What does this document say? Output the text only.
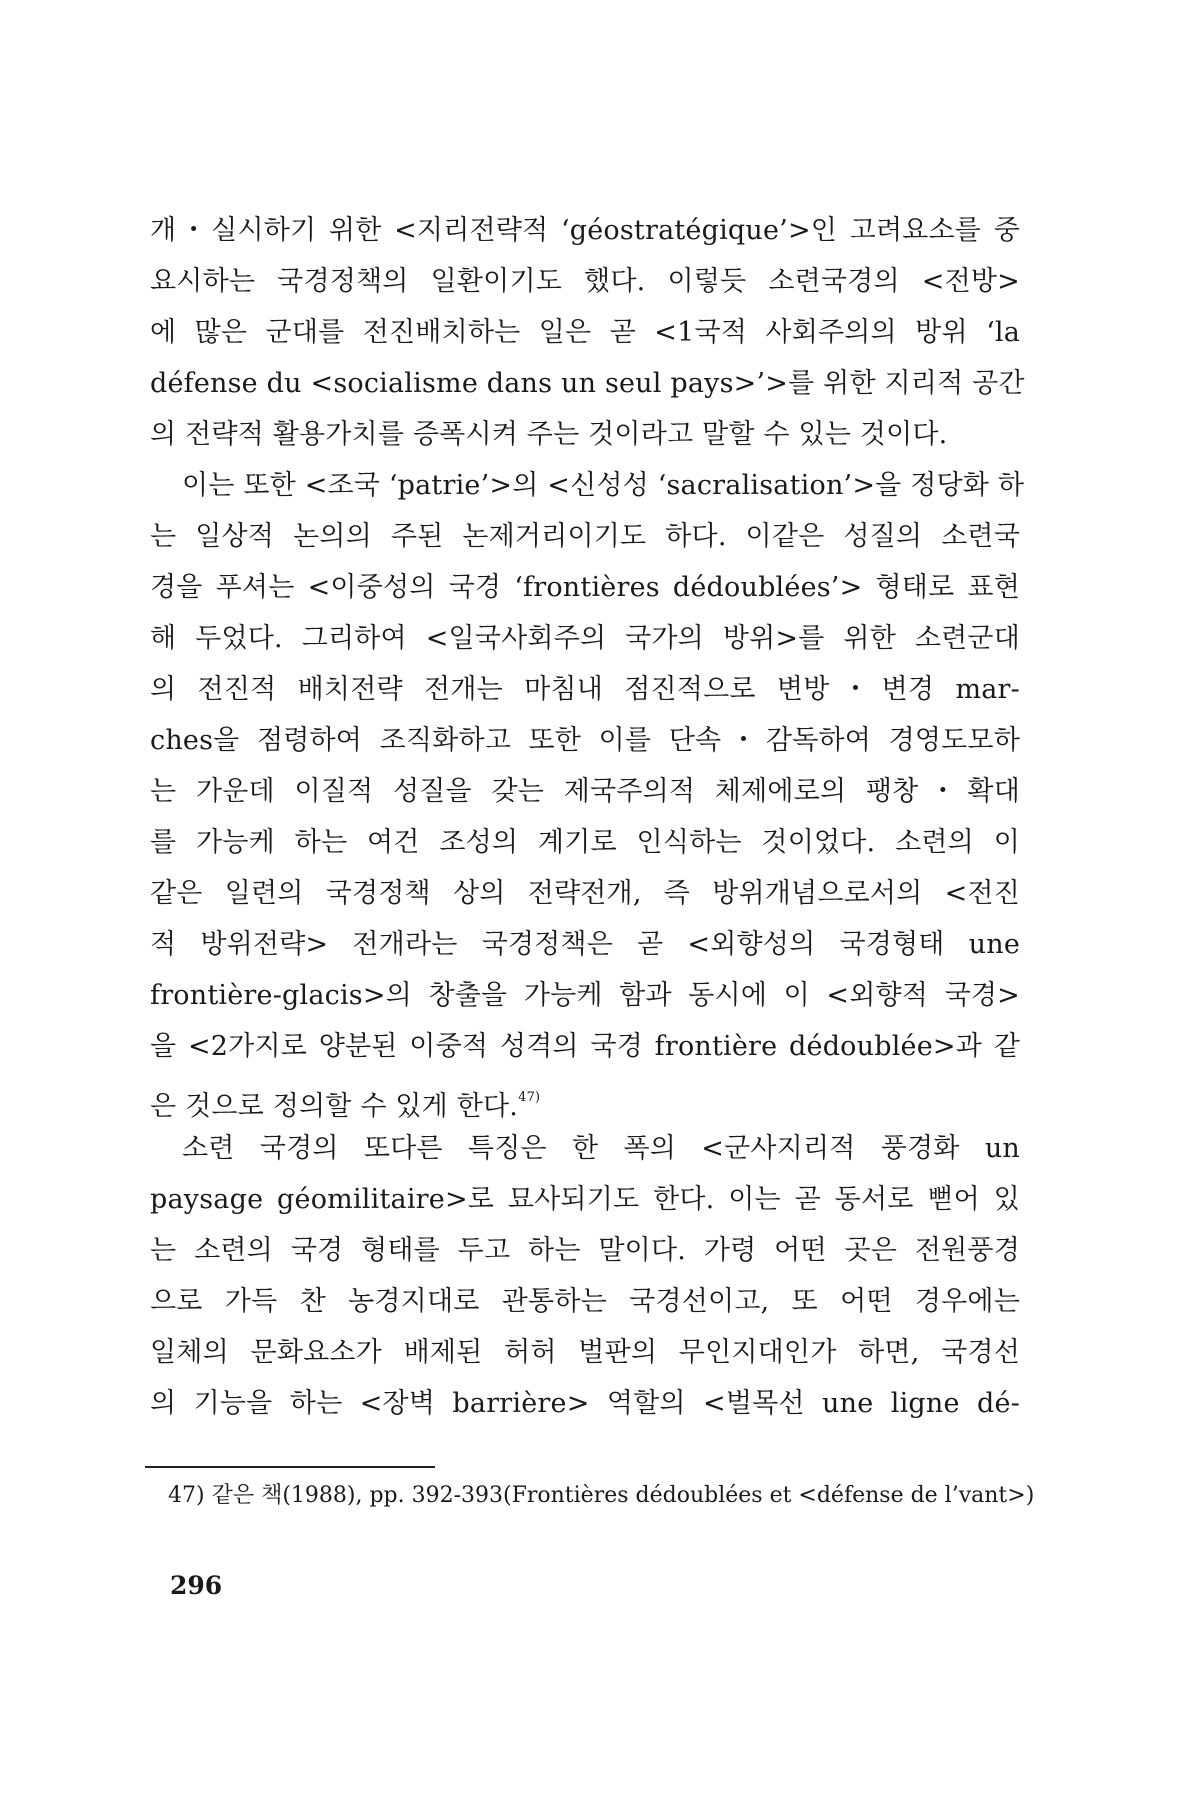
개・실시하기 위한 <지리전략적 ‘géostratégique’>인 고려요소를 중
요시하는 국경정책의 일환이기도 했다. 이렇듯 소련국경의 <전방>
에 많은 군대를 전진배치하는 일은 곧 <1국적 사회주의의 방위 ‘la
défense du <socialisme dans un seul pays>’>를 위한 지리적 공간
의 전략적 활용가치를 증폭시켜 주는 것이라고 말할 수 있는 것이다.
이는 또한 <조국 ‘patrie’>의 <신성성 ‘sacralisation’>을 정당화 하
는 일상적 논의의 주된 논제거리이기도 하다. 이같은 성질의 소련국
경을 푸셔는 <이중성의 국경 ‘frontières dédoublées’> 형태로 표현
해 두었다. 그리하여 <일국사회주의 국가의 방위>를 위한 소련군대
의 전진적 배치전략 전개는 마침내 점진적으로 변방・변경 mar-
ches을 점령하여 조직화하고 또한 이를 단속・감독하여 경영도모하
는 가운데 이질적 성질을 갖는 제국주의적 체제에로의 팽창・확대
를 가능케 하는 여건 조성의 계기로 인식하는 것이었다. 소련의 이
같은 일련의 국경정책 상의 전략전개, 즉 방위개념으로서의 <전진
적 방위전략> 전개라는 국경정책은 곧 <외향성의 국경형태 une
frontière-glacis>의 창출을 가능케 함과 동시에 이 <외향적 국경>
을 <2가지로 양분된 이중적 성격의 국경 frontière dédoublée>과 같
은 것으로 정의할 수 있게 한다.$^{47)}$
소련 국경의 또다른 특징은 한 폭의 <군사지리적 풍경화 un
paysage géomilitaire>로 묘사되기도 한다. 이는 곧 동서로 뻗어 있
는 소련의 국경 형태를 두고 하는 말이다. 가령 어떤 곳은 전원풍경
으로 가득 찬 농경지대로 관통하는 국경선이고, 또 어떤 경우에는
일체의 문화요소가 배제된 허허 벌판의 무인지대인가 하면, 국경선
의 기능을 하는 <장벽 barrière> 역할의 <벌목선 une ligne dé-
47) 같은 책(1988), pp. 392-393(Frontières dédoublées et <défense de l’vant>)
296
